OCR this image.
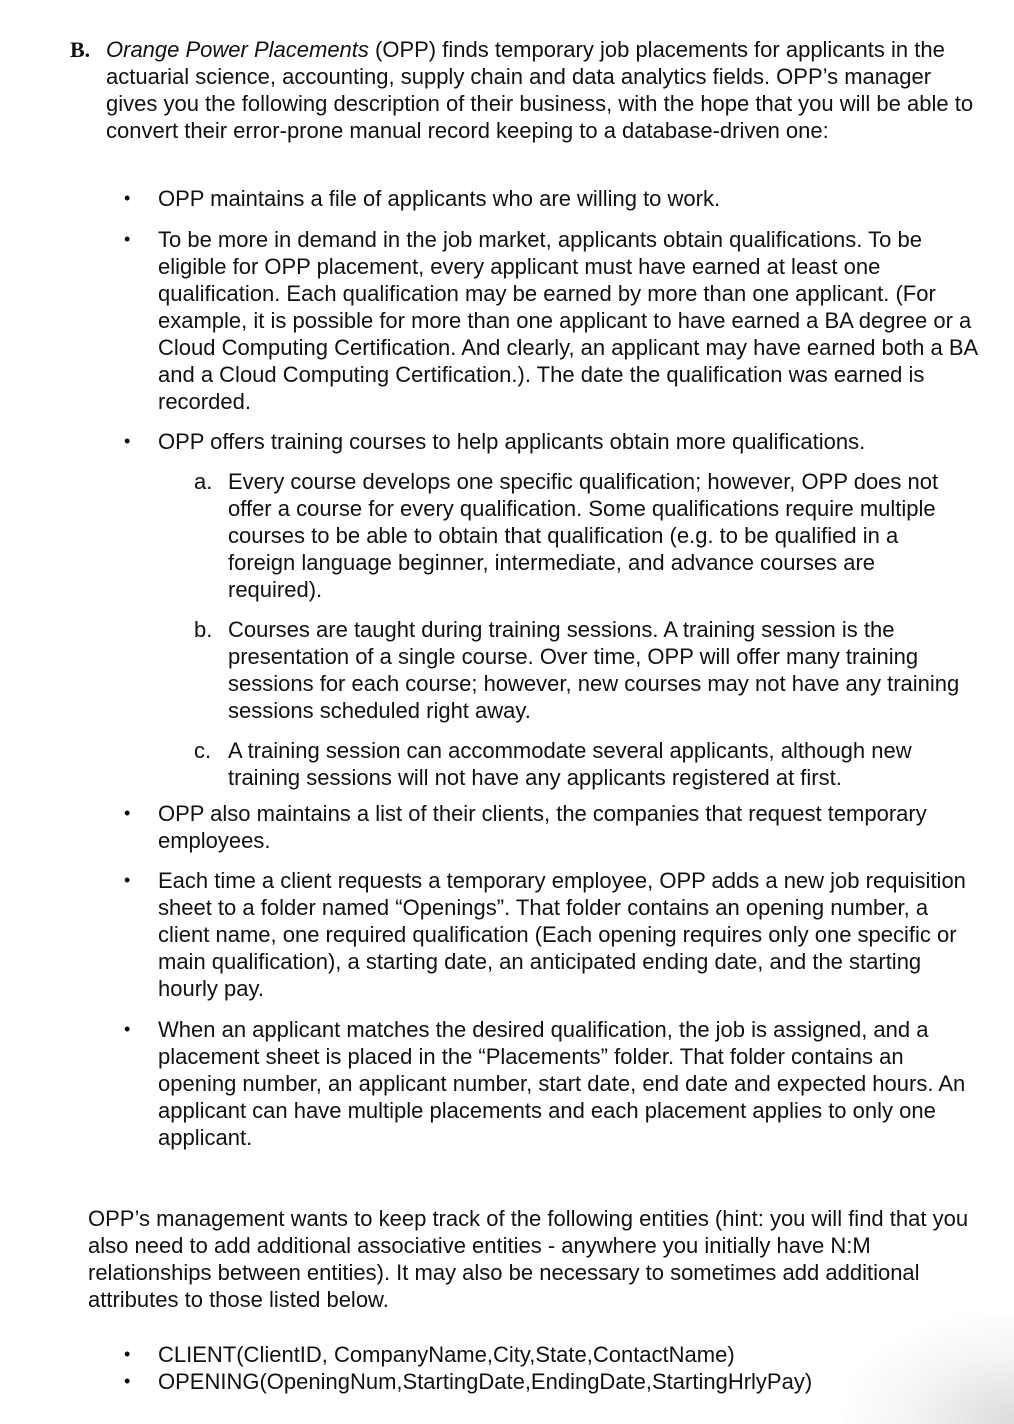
B. Orange Power Placements (OPP) finds temporary job placements for applicants in the actuarial science, accounting, supply chain and data analytics fields. OPP’s manager gives you the following description of their business, with the hope that you will be able to convert their error-prone manual record keeping to a database-driven one:
• OPP maintains a file of applicants who are willing to work.
• To be more in demand in the job market, applicants obtain qualifications. To be eligible for OPP placement, every applicant must have earned at least one qualification. Each qualification may be earned by more than one applicant. (For example, it is possible for more than one applicant to have earned a BA degree or a Cloud Computing Certification. And clearly, an applicant may have earned both a BA and a Cloud Computing Certification.). The date the qualification was earned is recorded.
• OPP offers training courses to help applicants obtain more qualifications.
a. Every course develops one specific qualification; however, OPP does not offer a course for every qualification. Some qualifications require multiple courses to be able to obtain that qualification (e.g. to be qualified in a foreign language beginner, intermediate, and advance courses are required).
b. Courses are taught during training sessions. A training session is the presentation of a single course. Over time, OPP will offer many training sessions for each course; however, new courses may not have any training sessions scheduled right away.
c. A training session can accommodate several applicants, although new training sessions will not have any applicants registered at first.
• OPP also maintains a list of their clients, the companies that request temporary employees.
• Each time a client requests a temporary employee, OPP adds a new job requisition sheet to a folder named “Openings”. That folder contains an opening number, a client name, one required qualification (Each opening requires only one specific or main qualification), a starting date, an anticipated ending date, and the starting hourly pay.
• When an applicant matches the desired qualification, the job is assigned, and a placement sheet is placed in the “Placements” folder. That folder contains an opening number, an applicant number, start date, end date and expected hours. An applicant can have multiple placements and each placement applies to only one applicant.
OPP’s management wants to keep track of the following entities (hint: you will find that you also need to add additional associative entities - anywhere you initially have N:M relationships between entities). It may also be necessary to sometimes add additional attributes to those listed below.
• CLIENT(ClientID, CompanyName,City,State,ContactName)
• OPENING(OpeningNum,StartingDate,EndingDate,StartingHrlyPay)
